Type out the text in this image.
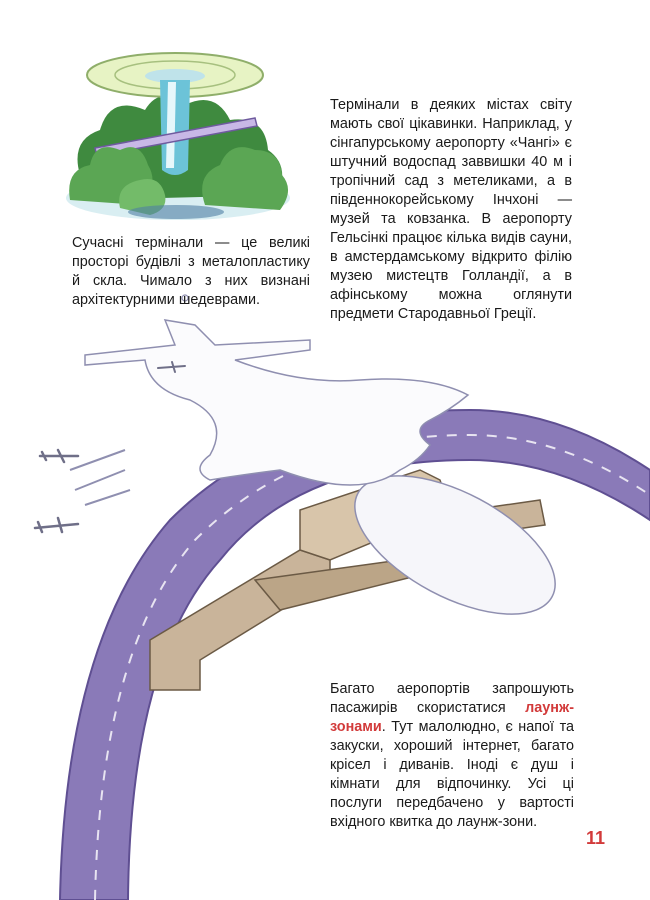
Термінали в деяких містах світу мають свої цікавинки. Наприклад, у сінгапурському аеропорту «Чангі» є штучний водоспад заввишки 40 м і тропічний сад з метеликами, а в південнокорейському Інчхоні — музей та ковзанка. В аеропорту Гельсінкі працює кілька видів сауни, в амстердамському відкрито філію музею мистецтв Голландії, а в афінському можна оглянути предмети Стародавньої Греції.

Сучасні термінали — це великі просторі будівлі з металопластику й скла. Чимало з них визнані архітектурними шедеврами.

Багато аеропортів запрошують пасажирів скористатися лаунж-зонами. Тут малолюдно, є напої та закуски, хороший інтернет, багато крісел і диванів. Іноді є душ і кімнати для відпочинку. Усі ці послуги передбачено у вартості вхідного квитка до лаунж-зони.

11
